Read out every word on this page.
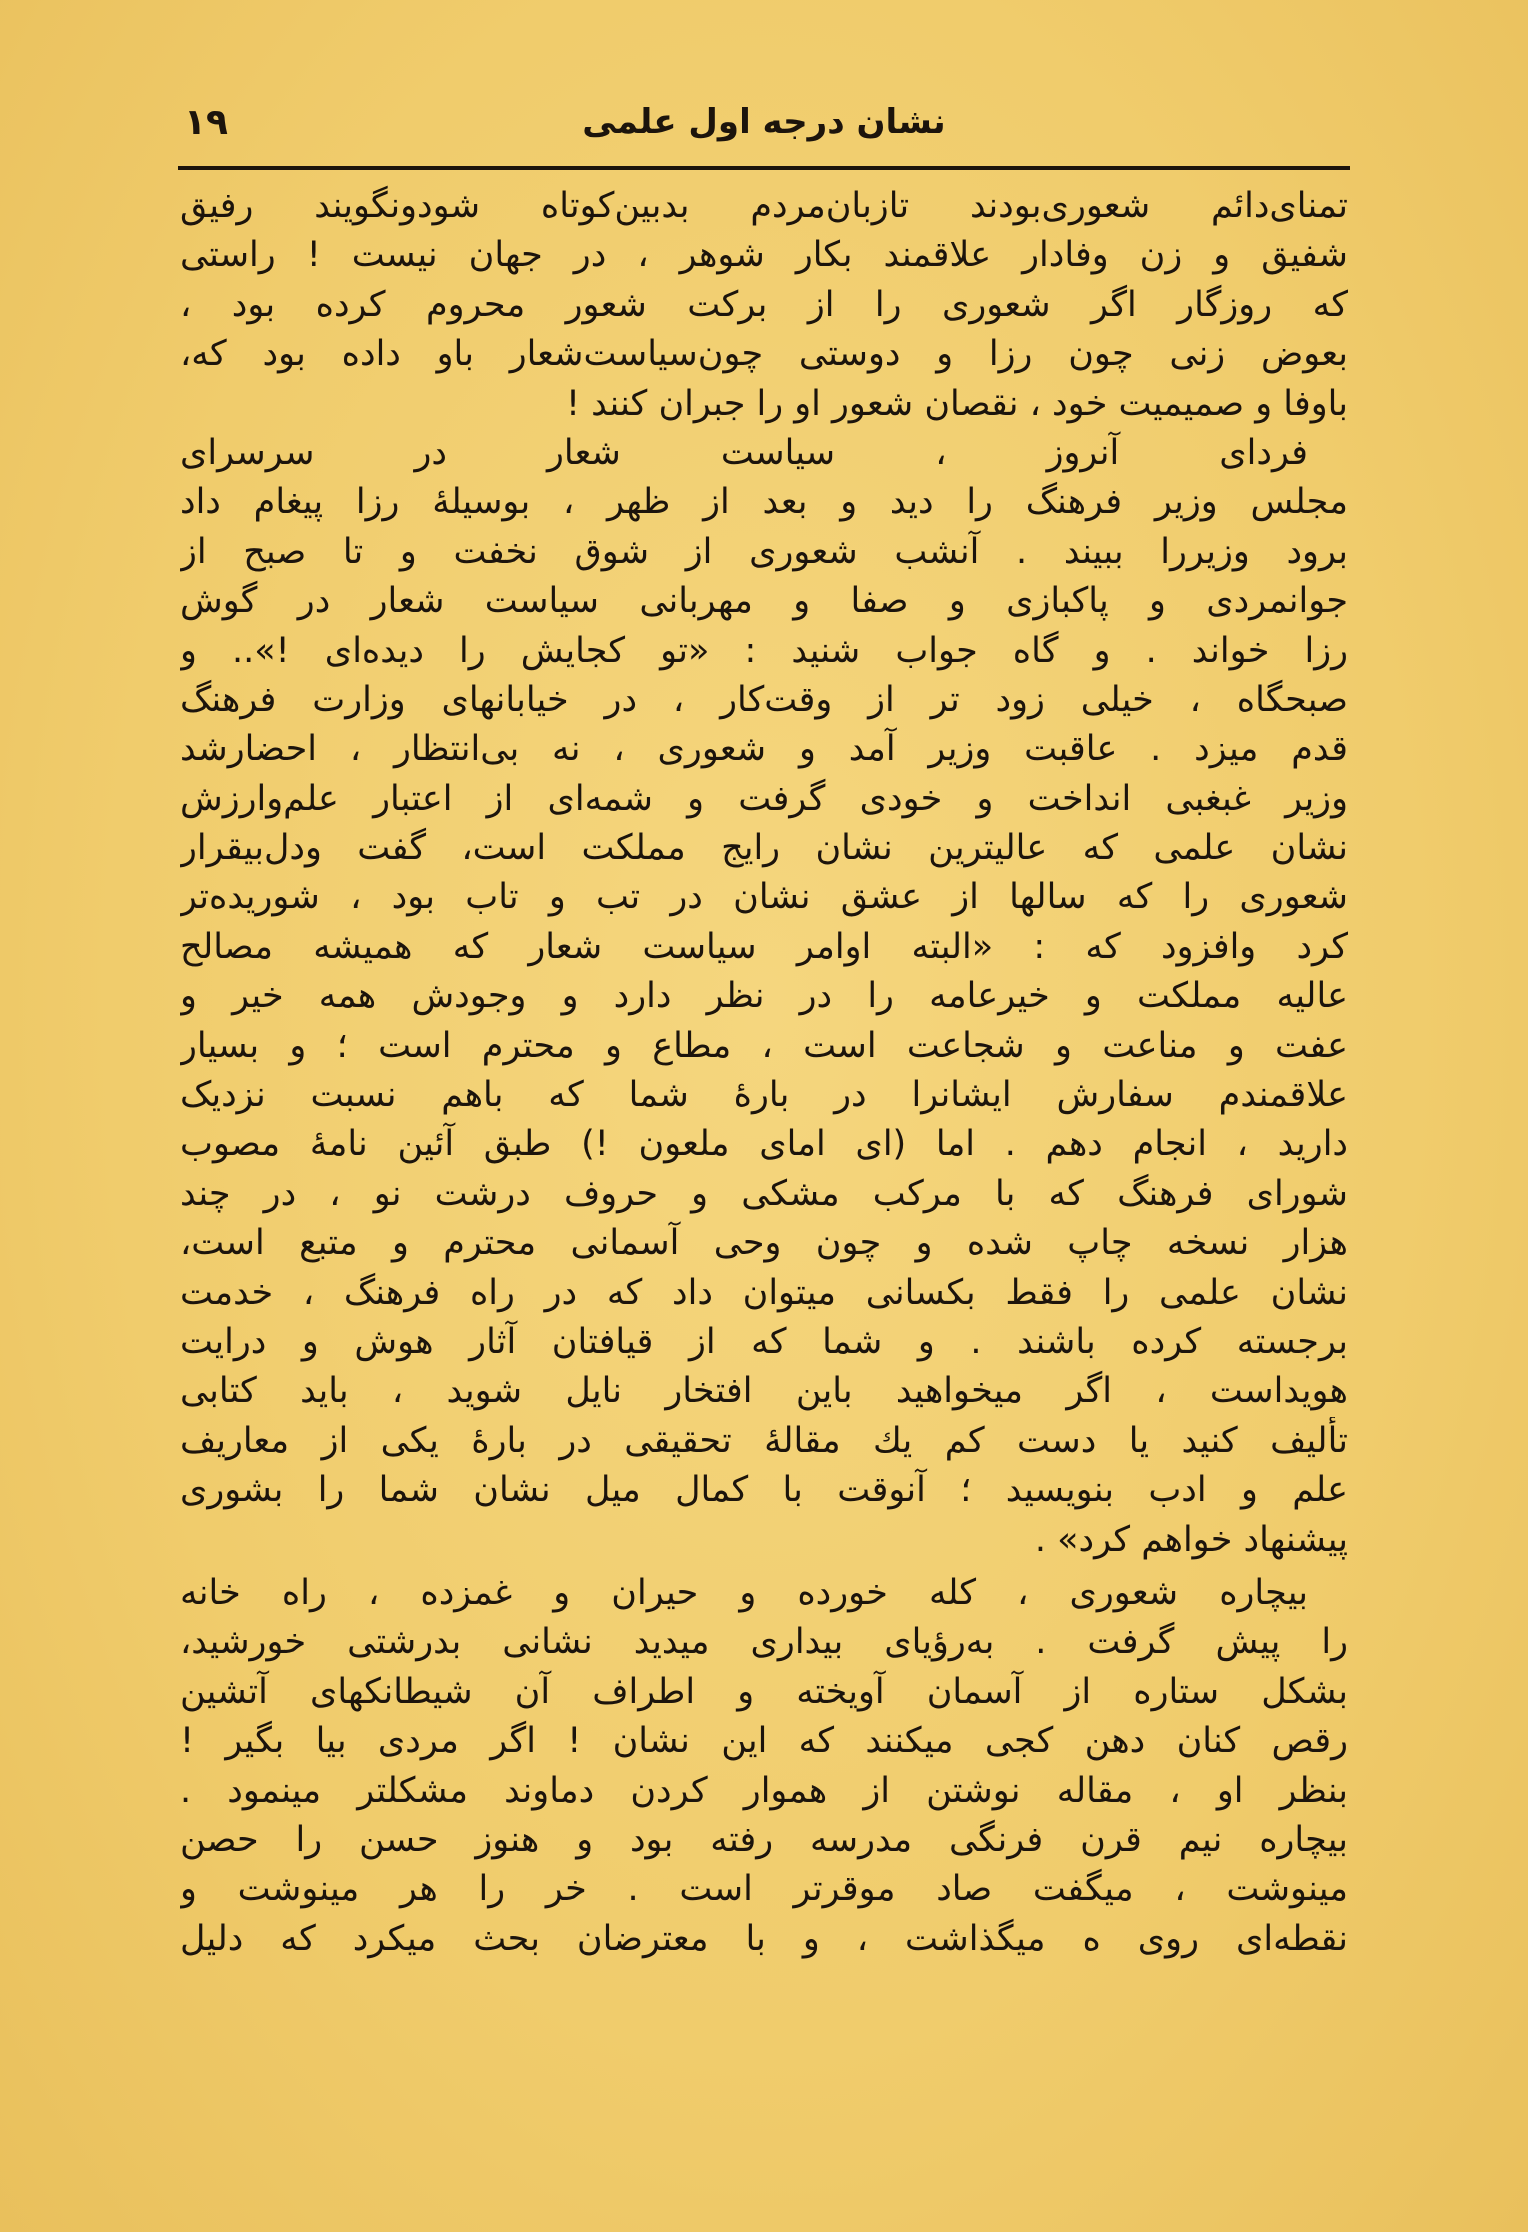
نشان درجه اول علمی
۱۹
تمنای‌دائم شعوری‌بودند تازبان‌مردم بدبین‌کوتاه شودونگویند رفیق
شفیق و زن وفادار علاقمند بکار شوهر ، در جهان نیست ! راستی
که روزگار اگر شعوری را از برکت شعور محروم کرده بود ،
بعوض زنی چون رزا و دوستی چون‌سیاست‌شعار باو داده بود که،
باوفا و صمیمیت خود ، نقصان شعور او را جبران کنند !
فردای آنروز ، سیاست شعار در سرسرای
مجلس وزیر فرهنگ را دید و بعد از ظهر ، بوسیلهٔ رزا پیغام داد
برود وزیررا ببیند . آنشب شعوری از شوق نخفت و تا صبح از
جوانمردی و پاکبازی و صفا و مهربانی سیاست شعار در گوش
رزا خواند . و گاه جواب شنید : «تو کجایش را دیده‌ای !».. و
صبحگاه ، خیلی زود تر از وقت‌کار ، در خیابانهای وزارت فرهنگ
قدم میزد . عاقبت وزیر آمد و شعوری ، نه بی‌انتظار ، احضارشد
وزیر غبغبی انداخت و خودی گرفت و شمه‌ای از اعتبار علم‌وارزش
نشان علمی که عالیترین نشان رایج مملکت است، گفت ودل‌بیقرار
شعوری را که سالها از عشق نشان در تب و تاب بود ، شوریده‌تر
کرد وافزود که : «البته اوامر سیاست شعار که همیشه مصالح
عالیه مملکت و خیرعامه را در نظر دارد و وجودش همه خیر و
عفت و مناعت و شجاعت است ، مطاع و محترم است ؛ و بسیار
علاقمندم سفارش ایشانرا در بارهٔ شما که باهم نسبت نزدیک
دارید ، انجام دهم . اما (ای امای ملعون !) طبق آئین نامهٔ مصوب
شورای فرهنگ که با مرکب مشکی و حروف درشت نو ، در چند
هزار نسخه چاپ شده و چون وحی آسمانی محترم و متبع است،
نشان علمی را فقط بکسانی میتوان داد که در راه فرهنگ ، خدمت
برجسته کرده باشند . و شما که از قیافتان آثار هوش و درایت
هویداست ، اگر میخواهید باین افتخار نایل شوید ، باید کتابی
تألیف کنید یا دست کم یك مقالهٔ تحقیقی در بارهٔ یکی از معاریف
علم و ادب بنویسید ؛ آنوقت با کمال میل نشان شما را بشوری
پیشنهاد خواهم کرد» .
بیچاره شعوری ، کله خورده و حیران و غمزده ، راه خانه
را پیش گرفت . به‌رؤیای بیداری میدید نشانی بدرشتی خورشید،
بشکل ستاره از آسمان آویخته و اطراف آن شیطانکهای آتشین
رقص کنان دهن کجی میکنند که این نشان ! اگر مردی بیا بگیر !
بنظر او ، مقاله نوشتن از هموار کردن دماوند مشکلتر مینمود .
بیچاره نیم قرن فرنگی مدرسه رفته بود و هنوز حسن را حصن
مینوشت ، میگفت صاد موقرتر است . خر را هر مینوشت و
نقطه‌ای روی ه میگذاشت ، و با معترضان بحث میکرد که دلیل
